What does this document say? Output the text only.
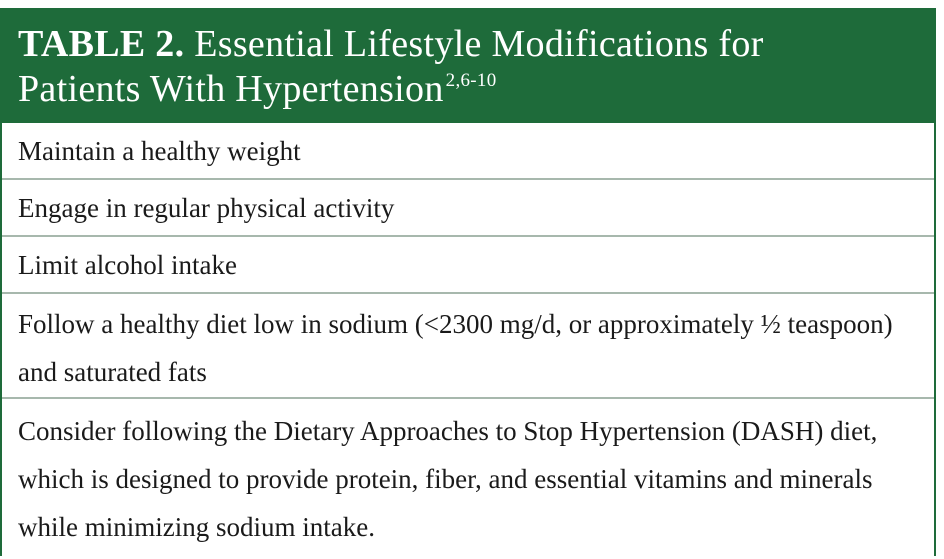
TABLE 2. Essential Lifestyle Modifications for
Patients With Hypertension $^{2,6-10}$
Maintain a healthy weight
Engage in regular physical activity
Limit alcohol intake
Follow a healthy diet low in sodium (<2300 mg/d, or approximately ½ teaspoon) and saturated fats
Consider following the Dietary Approaches to Stop Hypertension (DASH) diet, which is designed to provide protein, fiber, and essential vitamins and minerals while minimizing sodium intake.
